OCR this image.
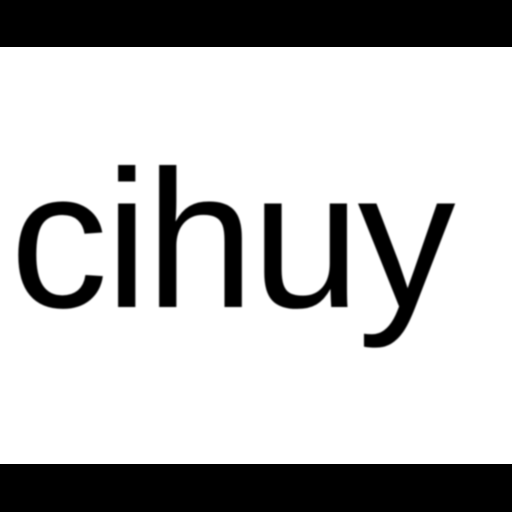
cihuy
